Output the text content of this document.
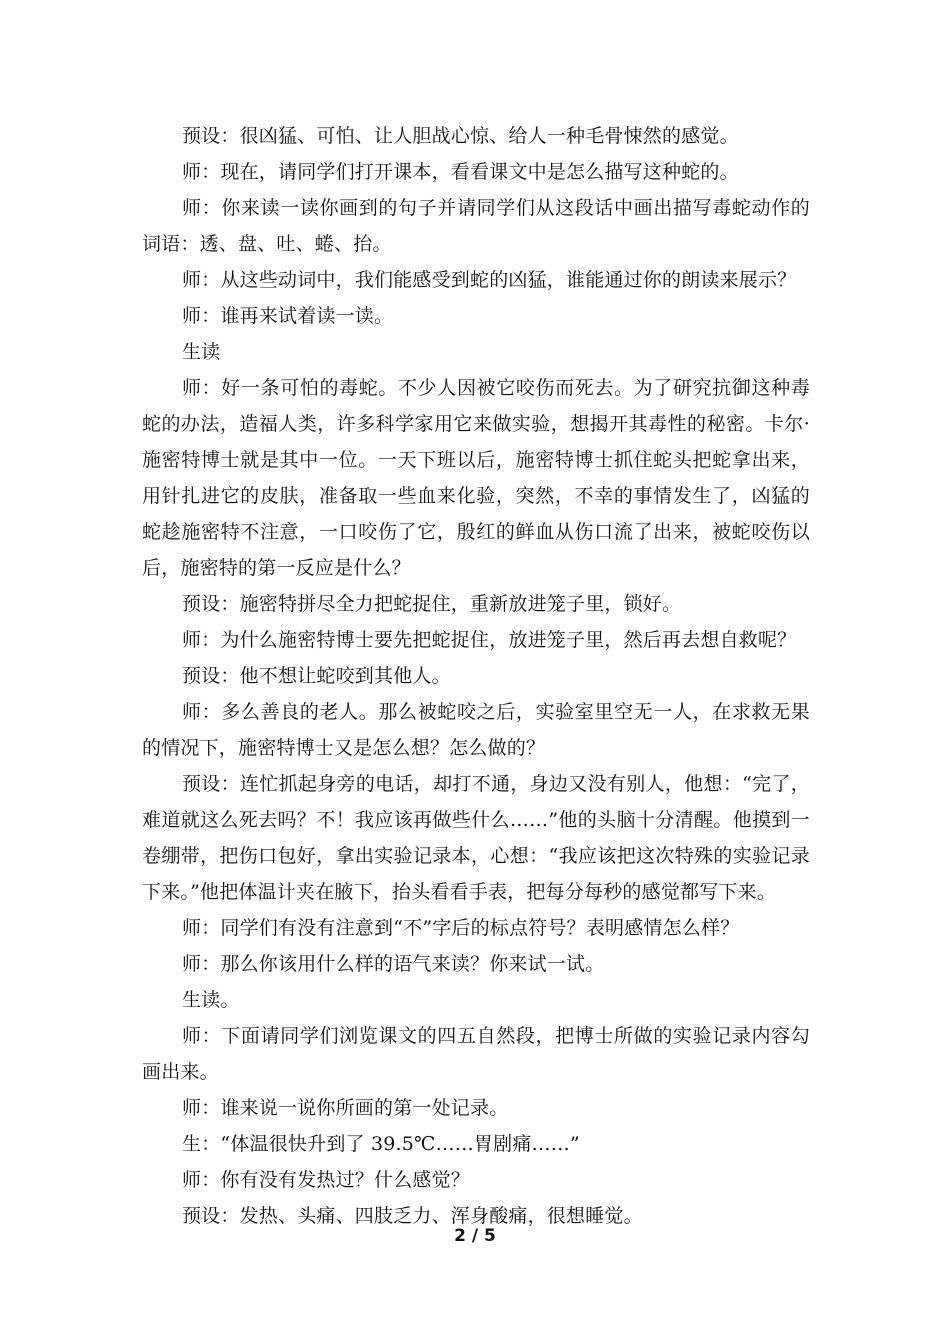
预设：很凶猛、可怕、让人胆战心惊、给人一种毛骨悚然的感觉。

师：现在，请同学们打开课本，看看课文中是怎么描写这种蛇的。

师：你来读一读你画到的句子并请同学们从这段话中画出描写毒蛇动作的词语：透、盘、吐、蜷、抬。

师：从这些动词中，我们能感受到蛇的凶猛，谁能通过你的朗读来展示？

师：谁再来试着读一读。

生读

师：好一条可怕的毒蛇。不少人因被它咬伤而死去。为了研究抗御这种毒蛇的办法，造福人类，许多科学家用它来做实验，想揭开其毒性的秘密。卡尔·施密特博士就是其中一位。一天下班以后，施密特博士抓住蛇头把蛇拿出来，用针扎进它的皮肤，准备取一些血来化验，突然，不幸的事情发生了，凶猛的蛇趁施密特不注意，一口咬伤了它，殷红的鲜血从伤口流了出来，被蛇咬伤以后，施密特的第一反应是什么？

预设：施密特拼尽全力把蛇捉住，重新放进笼子里，锁好。

师：为什么施密特博士要先把蛇捉住，放进笼子里，然后再去想自救呢？

预设：他不想让蛇咬到其他人。

师：多么善良的老人。那么被蛇咬之后，实验室里空无一人，在求救无果的情况下，施密特博士又是怎么想？怎么做的？

预设：连忙抓起身旁的电话，却打不通，身边又没有别人，他想：“完了，难道就这么死去吗？不！我应该再做些什么……”他的头脑十分清醒。他摸到一卷绷带，把伤口包好，拿出实验记录本，心想：“我应该把这次特殊的实验记录下来。”他把体温计夹在腋下，抬头看看手表，把每分每秒的感觉都写下来。

师：同学们有没有注意到“不”字后的标点符号？表明感情怎么样？

师：那么你该用什么样的语气来读？你来试一试。

生读。

师：下面请同学们浏览课文的四五自然段，把博士所做的实验记录内容勾画出来。

师：谁来说一说你所画的第一处记录。

生：“体温很快升到了 39.5℃……胃剧痛……”

师：你有没有发热过？什么感觉？

预设：发热、头痛、四肢乏力、浑身酸痛，很想睡觉。

2 / 5
